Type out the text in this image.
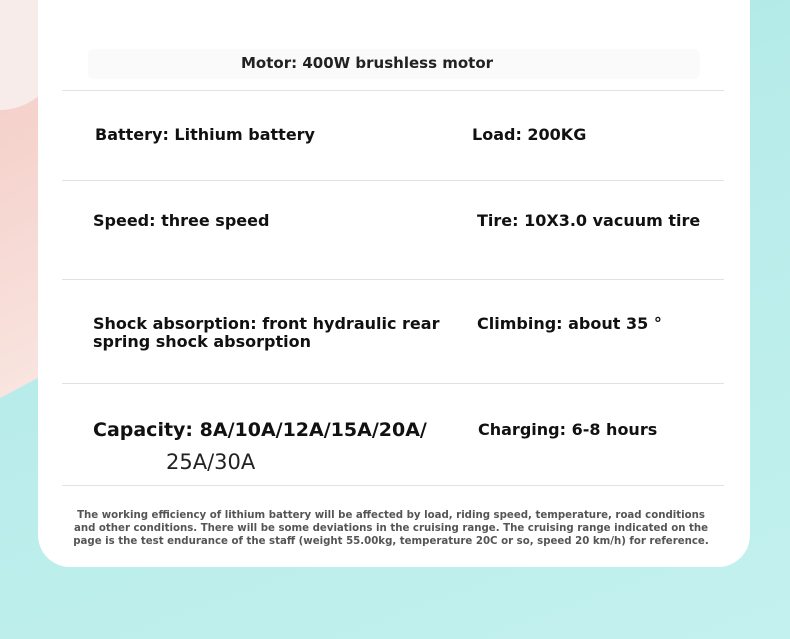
Motor: 400W brushless motor
Battery: Lithium battery	Load: 200KG
Speed: three speed	Tire: 10X3.0 vacuum tire
Shock absorption: front hydraulic rear
spring shock absorption
Climbing: about 35 °
Capacity: 8A/10A/12A/15A/20A/
25A/30A
Charging: 6-8 hours
The working efficiency of lithium battery will be affected by load, riding speed, temperature, road conditions and other conditions. There will be some deviations in the cruising range. The cruising range indicated on the page is the test endurance of the staff (weight 55.00kg, temperature 20C or so, speed 20 km/h) for reference.
